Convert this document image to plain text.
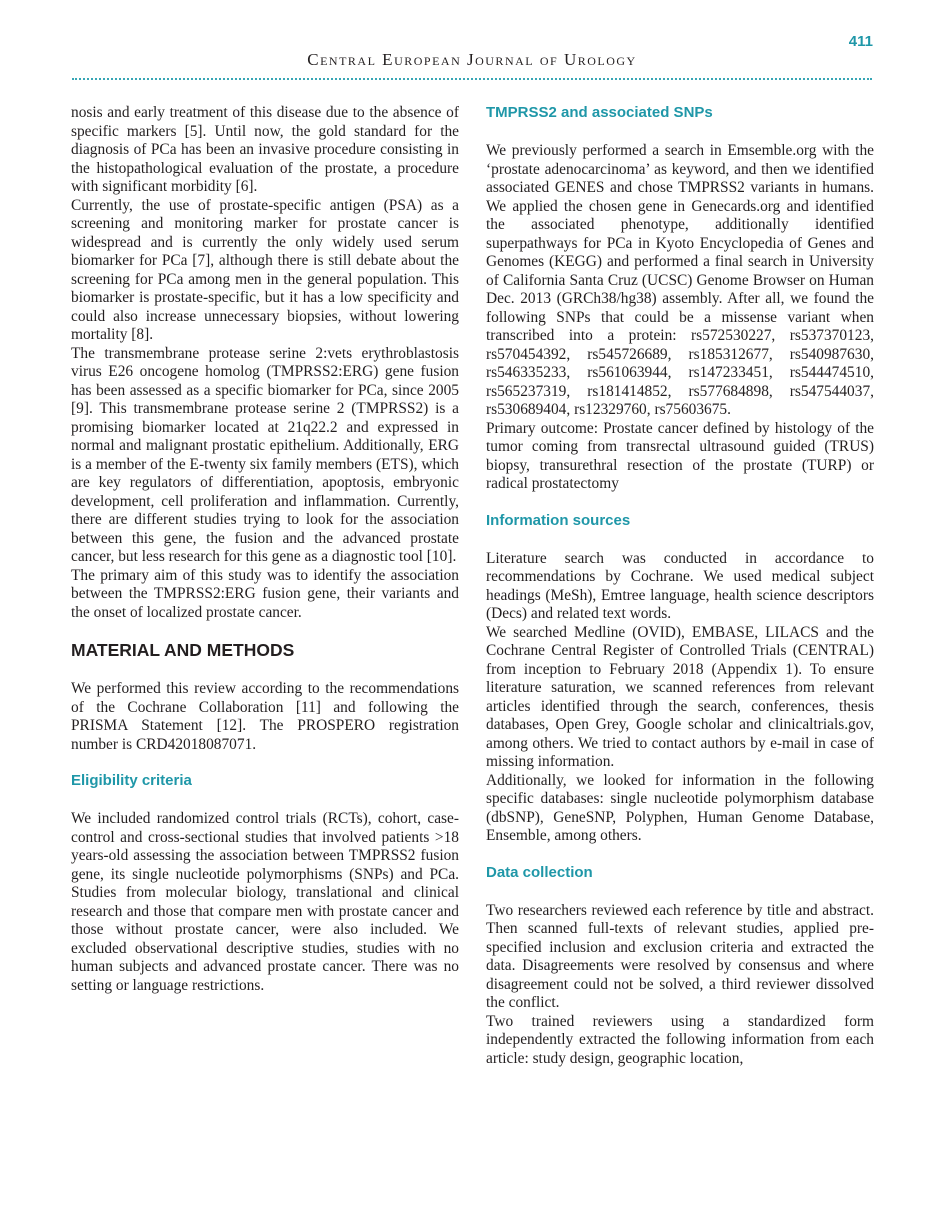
411
Central European Journal of Urology

nosis and early treatment of this disease due to the absence of specific markers [5]. Until now, the gold standard for the diagnosis of PCa has been an invasive procedure consisting in the histopathological evaluation of the prostate, a procedure with significant morbidity [6].

Currently, the use of prostate-specific antigen (PSA) as a screening and monitoring marker for prostate cancer is widespread and is currently the only widely used serum biomarker for PCa [7], although there is still debate about the screening for PCa among men in the general population. This biomarker is prostate-specific, but it has a low specificity and could also increase unnecessary biopsies, without lowering mortality [8].

The transmembrane protease serine 2:vets erythroblastosis virus E26 oncogene homolog (TMPRSS2:ERG) gene fusion has been assessed as a specific biomarker for PCa, since 2005 [9]. This transmembrane protease serine 2 (TMPRSS2) is a promising biomarker located at 21q22.2 and expressed in normal and malignant prostatic epithelium. Additionally, ERG is a member of the E-twenty six family members (ETS), which are key regulators of differentiation, apoptosis, embryonic development, cell proliferation and inflammation. Currently, there are different studies trying to look for the association between this gene, the fusion and the advanced prostate cancer, but less research for this gene as a diagnostic tool [10].

The primary aim of this study was to identify the association between the TMPRSS2:ERG fusion gene, their variants and the onset of localized prostate cancer.

MATERIAL AND METHODS

We performed this review according to the recommendations of the Cochrane Collaboration [11] and following the PRISMA Statement [12]. The PROSPERO registration number is CRD42018087071.

Eligibility criteria

We included randomized control trials (RCTs), cohort, case-control and cross-sectional studies that involved patients >18 years-old assessing the association between TMPRSS2 fusion gene, its single nucleotide polymorphisms (SNPs) and PCa. Studies from molecular biology, translational and clinical research and those that compare men with prostate cancer and those without prostate cancer, were also included. We excluded observational descriptive studies, studies with no human subjects and advanced prostate cancer. There was no setting or language restrictions.

TMPRSS2 and associated SNPs

We previously performed a search in Emsemble.org with the ‘prostate adenocarcinoma’ as keyword, and then we identified associated GENES and chose TMPRSS2 variants in humans. We applied the chosen gene in Genecards.org and identified the associated phenotype, additionally identified superpathways for PCa in Kyoto Encyclopedia of Genes and Genomes (KEGG) and performed a final search in University of California Santa Cruz (UCSC) Genome Browser on Human Dec. 2013 (GRCh38/hg38) assembly. After all, we found the following SNPs that could be a missense variant when transcribed into a protein: rs572530227, rs537370123, rs570454392, rs545726689, rs185312677, rs540987630, rs546335233, rs561063944, rs147233451, rs544474510, rs565237319, rs181414852, rs577684898, rs547544037, rs530689404, rs12329760, rs75603675.

Primary outcome: Prostate cancer defined by histology of the tumor coming from transrectal ultrasound guided (TRUS) biopsy, transurethral resection of the prostate (TURP) or radical prostatectomy

Information sources

Literature search was conducted in accordance to recommendations by Cochrane. We used medical subject headings (MeSh), Emtree language, health science descriptors (Decs) and related text words.

We searched Medline (OVID), EMBASE, LILACS and the Cochrane Central Register of Controlled Trials (CENTRAL) from inception to February 2018 (Appendix 1). To ensure literature saturation, we scanned references from relevant articles identified through the search, conferences, thesis databases, Open Grey, Google scholar and clinicaltrials.gov, among others. We tried to contact authors by e-mail in case of missing information.

Additionally, we looked for information in the following specific databases: single nucleotide polymorphism database (dbSNP), GeneSNP, Polyphen, Human Genome Database, Ensemble, among others.

Data collection

Two researchers reviewed each reference by title and abstract. Then scanned full-texts of relevant studies, applied pre-specified inclusion and exclusion criteria and extracted the data. Disagreements were resolved by consensus and where disagreement could not be solved, a third reviewer dissolved the conflict.

Two trained reviewers using a standardized form independently extracted the following information from each article: study design, geographic location,
